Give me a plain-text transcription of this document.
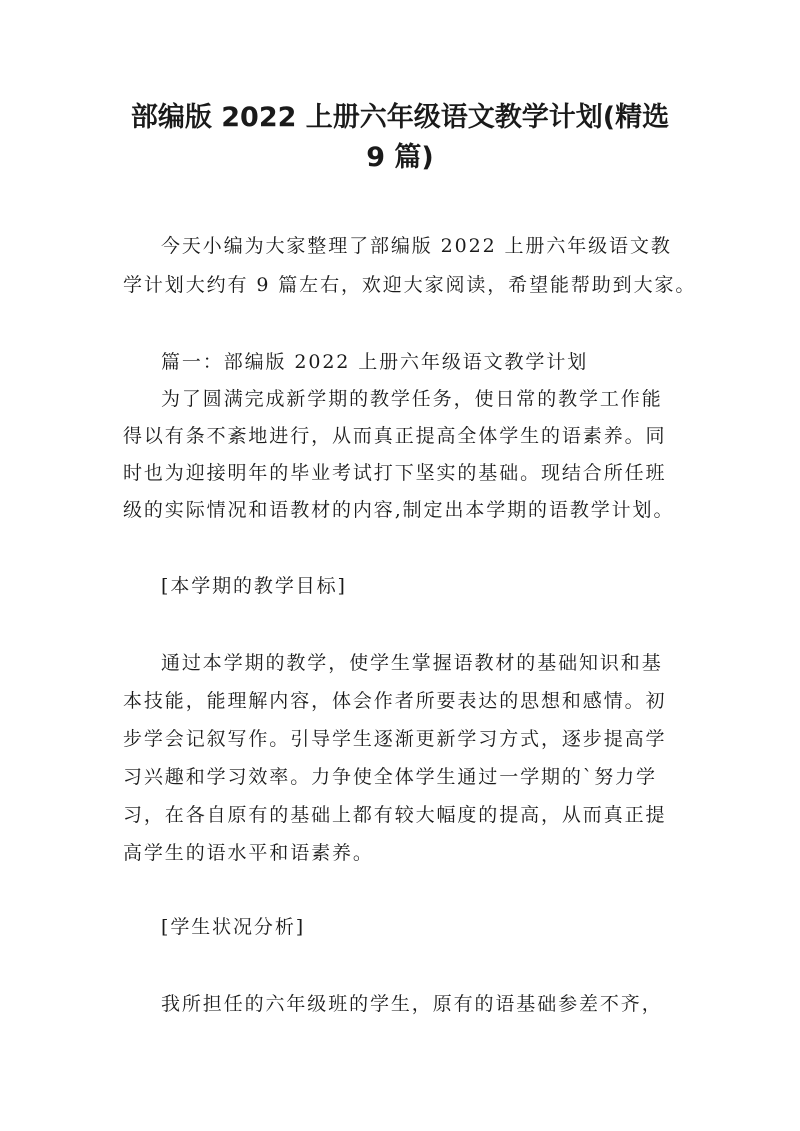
部编版 2022 上册六年级语文教学计划(精选
9 篇)

今天小编为大家整理了部编版 2022 上册六年级语文教

学计划大约有 9 篇左右，欢迎大家阅读，希望能帮助到大家。

篇一：部编版 2022 上册六年级语文教学计划

为了圆满完成新学期的教学任务，使日常的教学工作能

得以有条不紊地进行，从而真正提高全体学生的语素养。同

时也为迎接明年的毕业考试打下坚实的基础。现结合所任班

级的实际情况和语教材的内容,制定出本学期的语教学计划。

[本学期的教学目标]

通过本学期的教学，使学生掌握语教材的基础知识和基

本技能，能理解内容，体会作者所要表达的思想和感情。初

步学会记叙写作。引导学生逐渐更新学习方式，逐步提高学

习兴趣和学习效率。力争使全体学生通过一学期的`努力学

习，在各自原有的基础上都有较大幅度的提高，从而真正提

高学生的语水平和语素养。

[学生状况分析]

我所担任的六年级班的学生，原有的语基础参差不齐，
